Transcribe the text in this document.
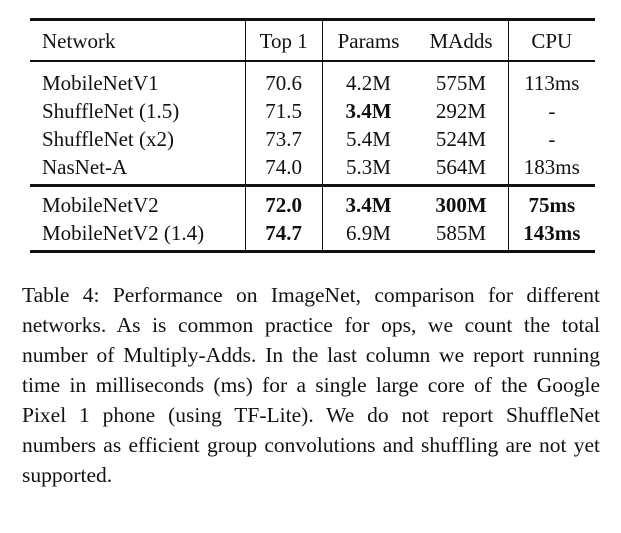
Network	Top 1	Params	MAdds	CPU
MobileNetV1	70.6	4.2M	575M	113ms
ShuffleNet (1.5)	71.5	3.4M	292M	-
ShuffleNet (x2)	73.7	5.4M	524M	-
NasNet-A	74.0	5.3M	564M	183ms
MobileNetV2	72.0	3.4M	300M	75ms
MobileNetV2 (1.4)	74.7	6.9M	585M	143ms

Table 4: Performance on ImageNet, comparison for different networks. As is common practice for ops, we count the total number of Multiply-Adds. In the last column we report running time in milliseconds (ms) for a single large core of the Google Pixel 1 phone (using TF-Lite). We do not report ShuffleNet numbers as efficient group convolutions and shuffling are not yet supported.
